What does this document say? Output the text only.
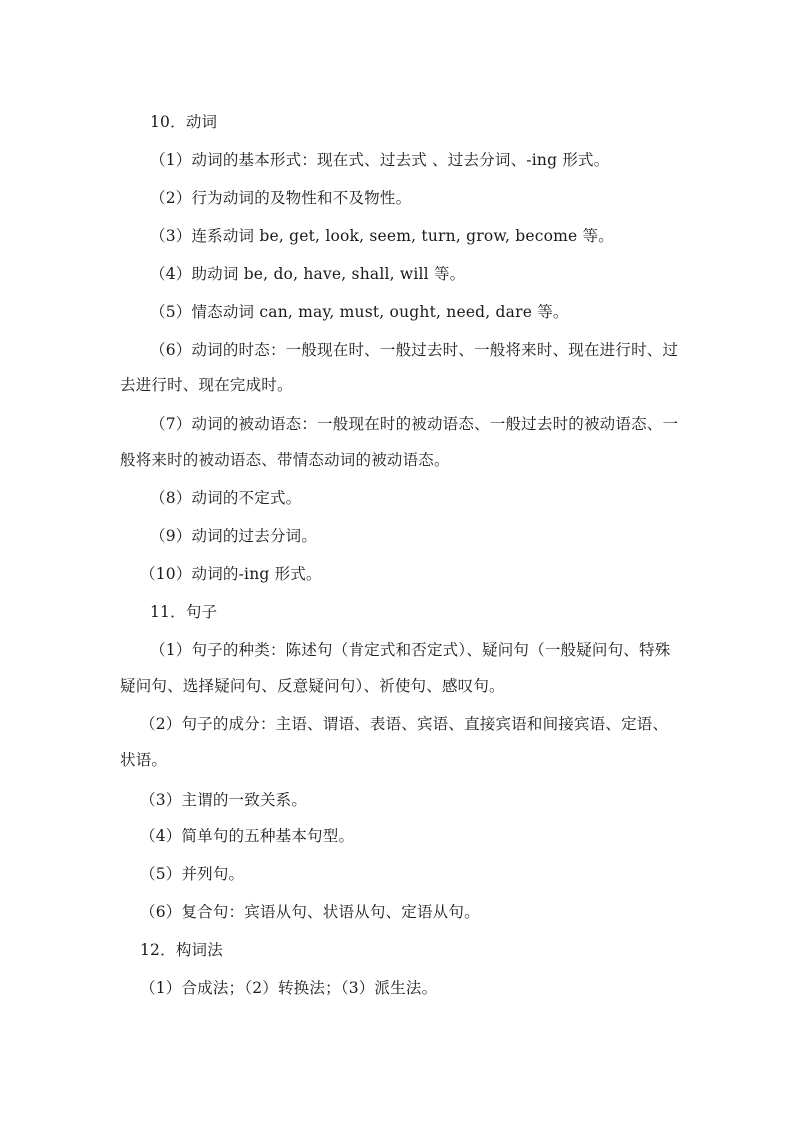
10．动词

（1）动词的基本形式：现在式、过去式 、过去分词、-ing 形式。

（2）行为动词的及物性和不及物性。

（3）连系动词 be, get, look, seem, turn, grow, become 等。

（4）助动词 be, do, have, shall, will 等。

（5）情态动词 can, may, must, ought, need, dare 等。

（6）动词的时态：一般现在时、一般过去时、一般将来时、现在进行时、过

去进行时、现在完成时。

（7）动词的被动语态：一般现在时的被动语态、一般过去时的被动语态、一

般将来时的被动语态、带情态动词的被动语态。

（8）动词的不定式。

（9）动词的过去分词。

（10）动词的-ing 形式。

11．句子

（1）句子的种类：陈述句（肯定式和否定式）、疑问句（一般疑问句、特殊

疑问句、选择疑问句、反意疑问句）、祈使句、感叹句。

（2）句子的成分：主语、谓语、表语、宾语、直接宾语和间接宾语、定语、

状语。

（3）主谓的一致关系。

（4）简单句的五种基本句型。

（5）并列句。

（6）复合句：宾语从句、状语从句、定语从句。

12．构词法

（1）合成法；（2）转换法；（3）派生法。
